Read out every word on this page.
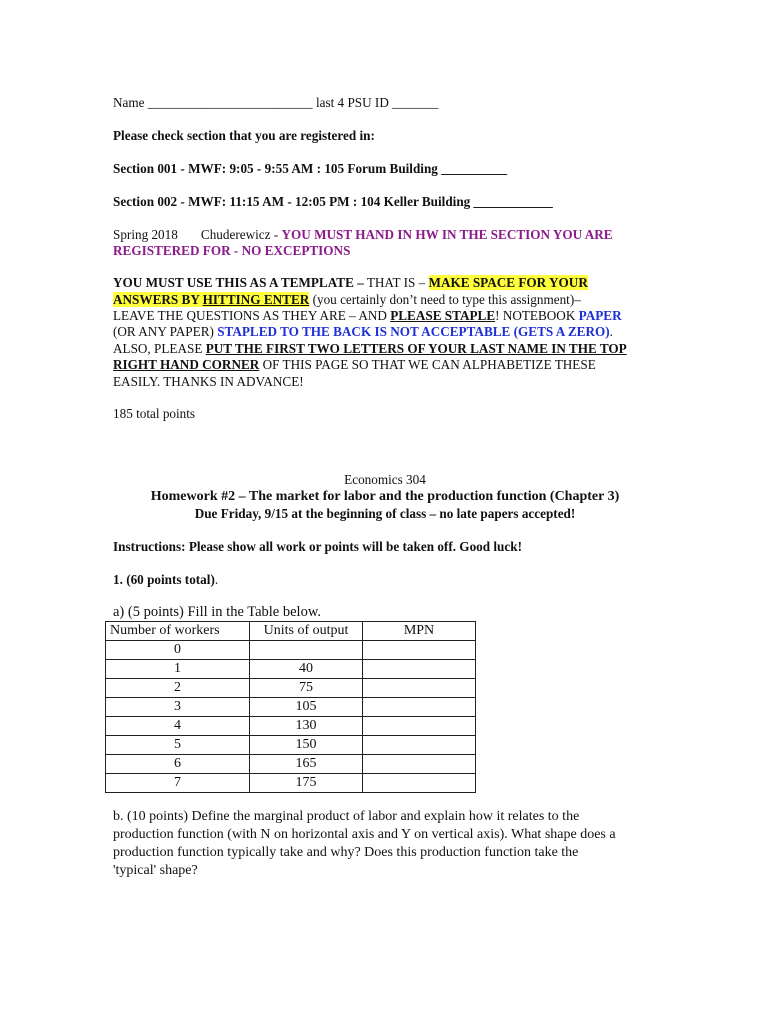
Name _________________________ last 4 PSU ID _______

Please check section that you are registered in:

Section 001 - MWF: 9:05 - 9:55 AM : 105 Forum Building __________

Section 002 - MWF: 11:15 AM - 12:05 PM : 104 Keller Building ____________

Spring 2018 Chuderewicz - YOU MUST HAND IN HW IN THE SECTION YOU ARE

REGISTERED FOR - NO EXCEPTIONS

YOU MUST USE THIS AS A TEMPLATE – THAT IS – MAKE SPACE FOR YOUR

ANSWERS BY HITTING ENTER (you certainly don’t need to type this assignment)–

LEAVE THE QUESTIONS AS THEY ARE – AND PLEASE STAPLE! NOTEBOOK PAPER

(OR ANY PAPER) STAPLED TO THE BACK IS NOT ACCEPTABLE (GETS A ZERO).

ALSO, PLEASE PUT THE FIRST TWO LETTERS OF YOUR LAST NAME IN THE TOP

RIGHT HAND CORNER OF THIS PAGE SO THAT WE CAN ALPHABETIZE THESE

EASILY. THANKS IN ADVANCE!

185 total points

Economics 304

Homework #2 – The market for labor and the production function (Chapter 3)

Due Friday, 9/15 at the beginning of class – no late papers accepted!

Instructions: Please show all work or points will be taken off. Good luck!

1. (60 points total).

a) (5 points) Fill in the Table below.

Number of workers	Units of output	MPN
0		
1	40	
2	75	
3	105	
4	130	
5	150	
6	165	
7	175	

b. (10 points) Define the marginal product of labor and explain how it relates to the

production function (with N on horizontal axis and Y on vertical axis). What shape does a

production function typically take and why? Does this production function take the

'typical' shape?
